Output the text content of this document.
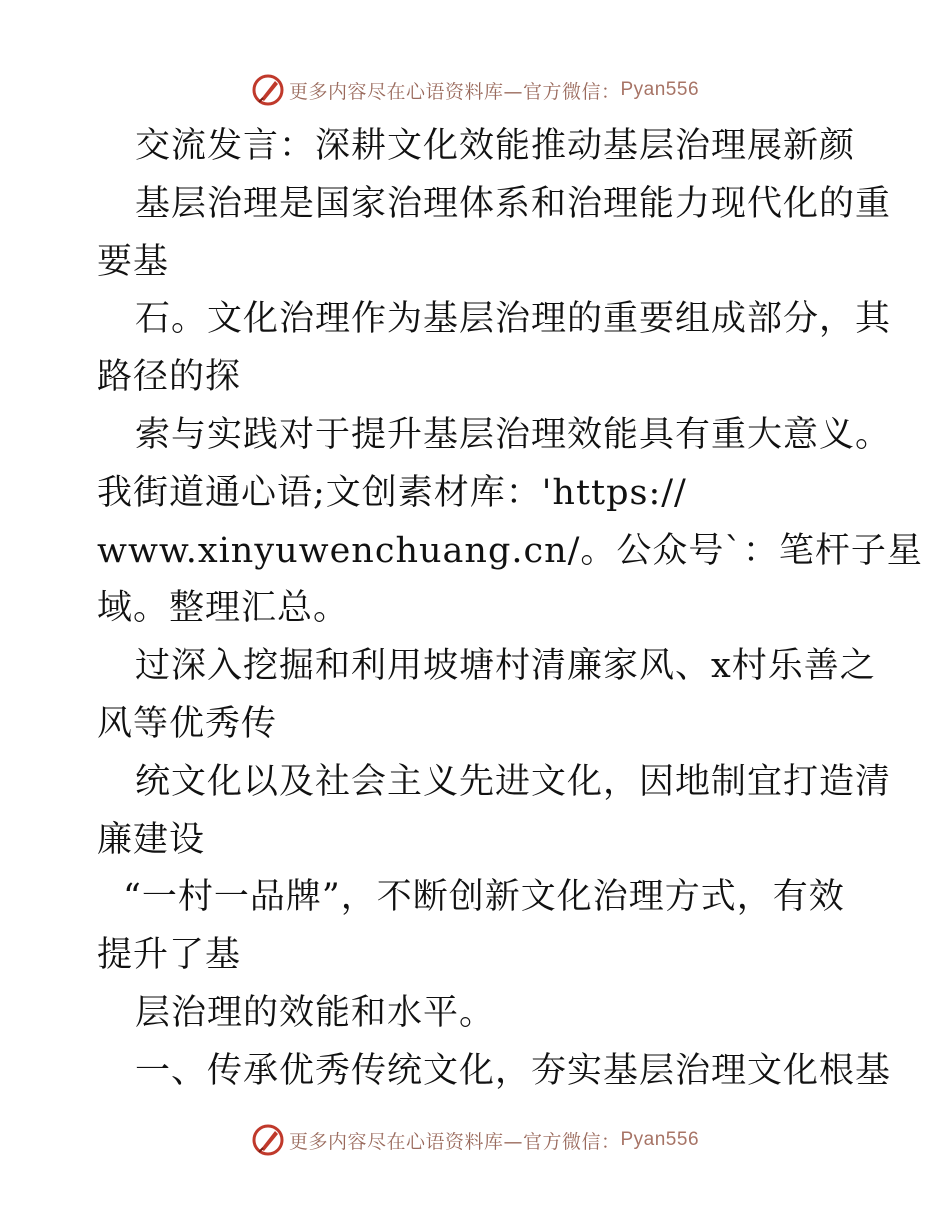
更多内容尽在心语资料库—官方微信： Pyan556
交流发言：深耕文化效能推动基层治理展新颜
基层治理是国家治理体系和治理能力现代化的重
要基
石。文化治理作为基层治理的重要组成部分，其
路径的探
索与实践对于提升基层治理效能具有重大意义。
我街道通心语;文创素材库：'https://
www.xinyuwenchuang.cn/。公众号`：笔杆子星
域。整理汇总。
过深入挖掘和利用坡塘村清廉家风、x村乐善之
风等优秀传
统文化以及社会主义先进文化，因地制宜打造清
廉建设
“一村一品牌”，不断创新文化治理方式，有效
提升了基
层治理的效能和水平。
一、传承优秀传统文化，夯实基层治理文化根基
更多内容尽在心语资料库—官方微信： Pyan556
